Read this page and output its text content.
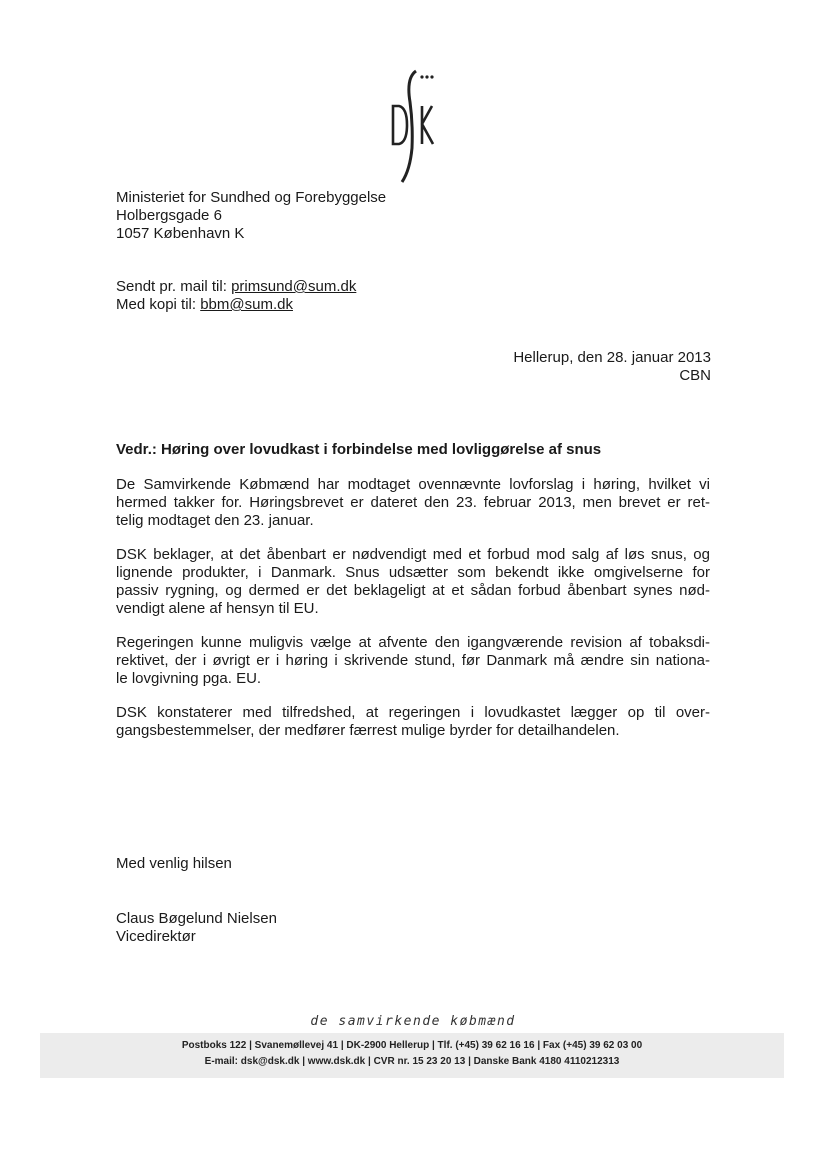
Ministeriet for Sundhed og Forebyggelse
Holbergsgade 6
1057 København K
Sendt pr. mail til: primsund@sum.dk
Med kopi til: bbm@sum.dk
Hellerup, den 28. januar 2013
CBN
Vedr.: Høring over lovudkast i forbindelse med lovliggørelse af snus
De Samvirkende Købmænd har modtaget ovennævnte lovforslag i høring, hvilket vi
hermed takker for. Høringsbrevet er dateret den 23. februar 2013, men brevet er ret-
telig modtaget den 23. januar.
DSK beklager, at det åbenbart er nødvendigt med et forbud mod salg af løs snus, og
lignende produkter, i Danmark. Snus udsætter som bekendt ikke omgivelserne for
passiv rygning, og dermed er det beklageligt at et sådan forbud åbenbart synes nød-
vendigt alene af hensyn til EU.
Regeringen kunne muligvis vælge at afvente den igangværende revision af tobaksdi-
rektivet, der i øvrigt er i høring i skrivende stund, før Danmark må ændre sin nationa-
le lovgivning pga. EU.
DSK konstaterer med tilfredshed, at regeringen i lovudkastet lægger op til over-
gangsbestemmelser, der medfører færrest mulige byrder for detailhandelen.
Med venlig hilsen
Claus Bøgelund Nielsen
Vicedirektør
de samvirkende købmænd
Postboks 122 | Svanemøllevej 41 | DK-2900 Hellerup | Tlf. (+45) 39 62 16 16 | Fax (+45) 39 62 03 00
E-mail: dsk@dsk.dk | www.dsk.dk | CVR nr. 15 23 20 13 | Danske Bank 4180 4110212313
